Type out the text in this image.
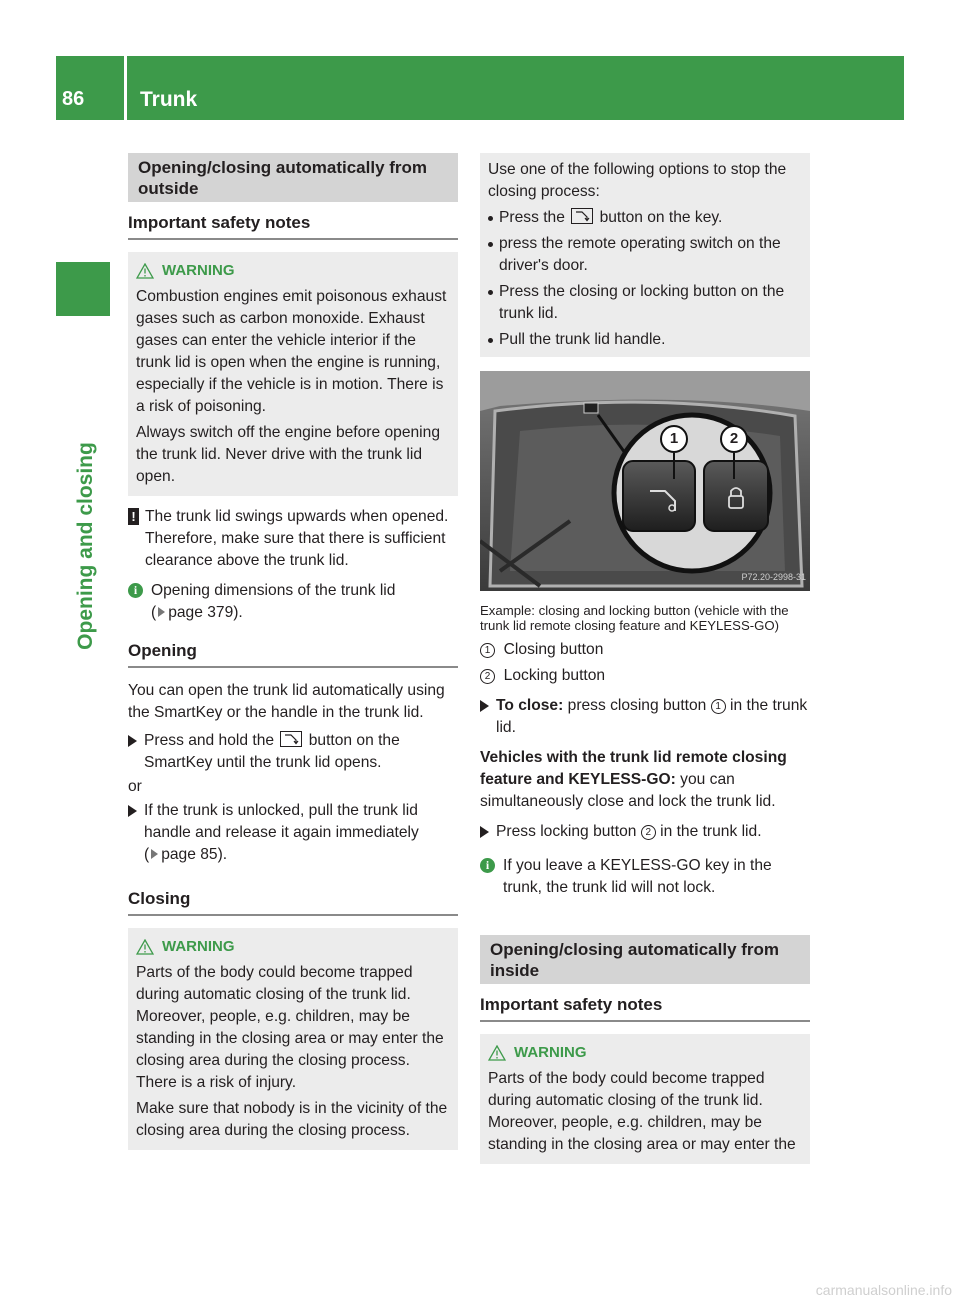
86	Trunk
Opening and closing
Opening/closing automatically from outside
Important safety notes
WARNING

Combustion engines emit poisonous exhaust gases such as carbon monoxide. Exhaust gases can enter the vehicle interior if the trunk lid is open when the engine is running, especially if the vehicle is in motion. There is a risk of poisoning.

Always switch off the engine before opening the trunk lid. Never drive with the trunk lid open.

! The trunk lid swings upwards when opened. Therefore, make sure that there is sufficient clearance above the trunk lid.
i Opening dimensions of the trunk lid
( page 379).
Opening

You can open the trunk lid automatically using the SmartKey or the handle in the trunk lid.

Press and hold the button on the SmartKey until the trunk lid opens.

or

If the trunk is unlocked, pull the trunk lid handle and release it again immediately
( page 85).
Closing
WARNING

Parts of the body could become trapped during automatic closing of the trunk lid. Moreover, people, e.g. children, may be standing in the closing area or may enter the closing area during the closing process. There is a risk of injury.

Make sure that nobody is in the vicinity of the closing area during the closing process.

Use one of the following options to stop the closing process:

Press the button on the key.
press the remote operating switch on the driver's door.
Press the closing or locking button on the trunk lid.
Pull the trunk lid handle.
1	2
P72.20-2998-31

Example: closing and locking button (vehicle with the trunk lid remote closing feature and KEYLESS-GO)

1 Closing button

2 Locking button

To close: press closing button 1 in the trunk lid.

Vehicles with the trunk lid remote closing feature and KEYLESS-GO: you can simultaneously close and lock the trunk lid.

Press locking button 2 in the trunk lid.
i If you leave a KEYLESS-GO key in the trunk, the trunk lid will not lock.
Opening/closing automatically from inside
Important safety notes
WARNING

Parts of the body could become trapped during automatic closing of the trunk lid. Moreover, people, e.g. children, may be standing in the closing area or may enter the

carmanualsonline.info
